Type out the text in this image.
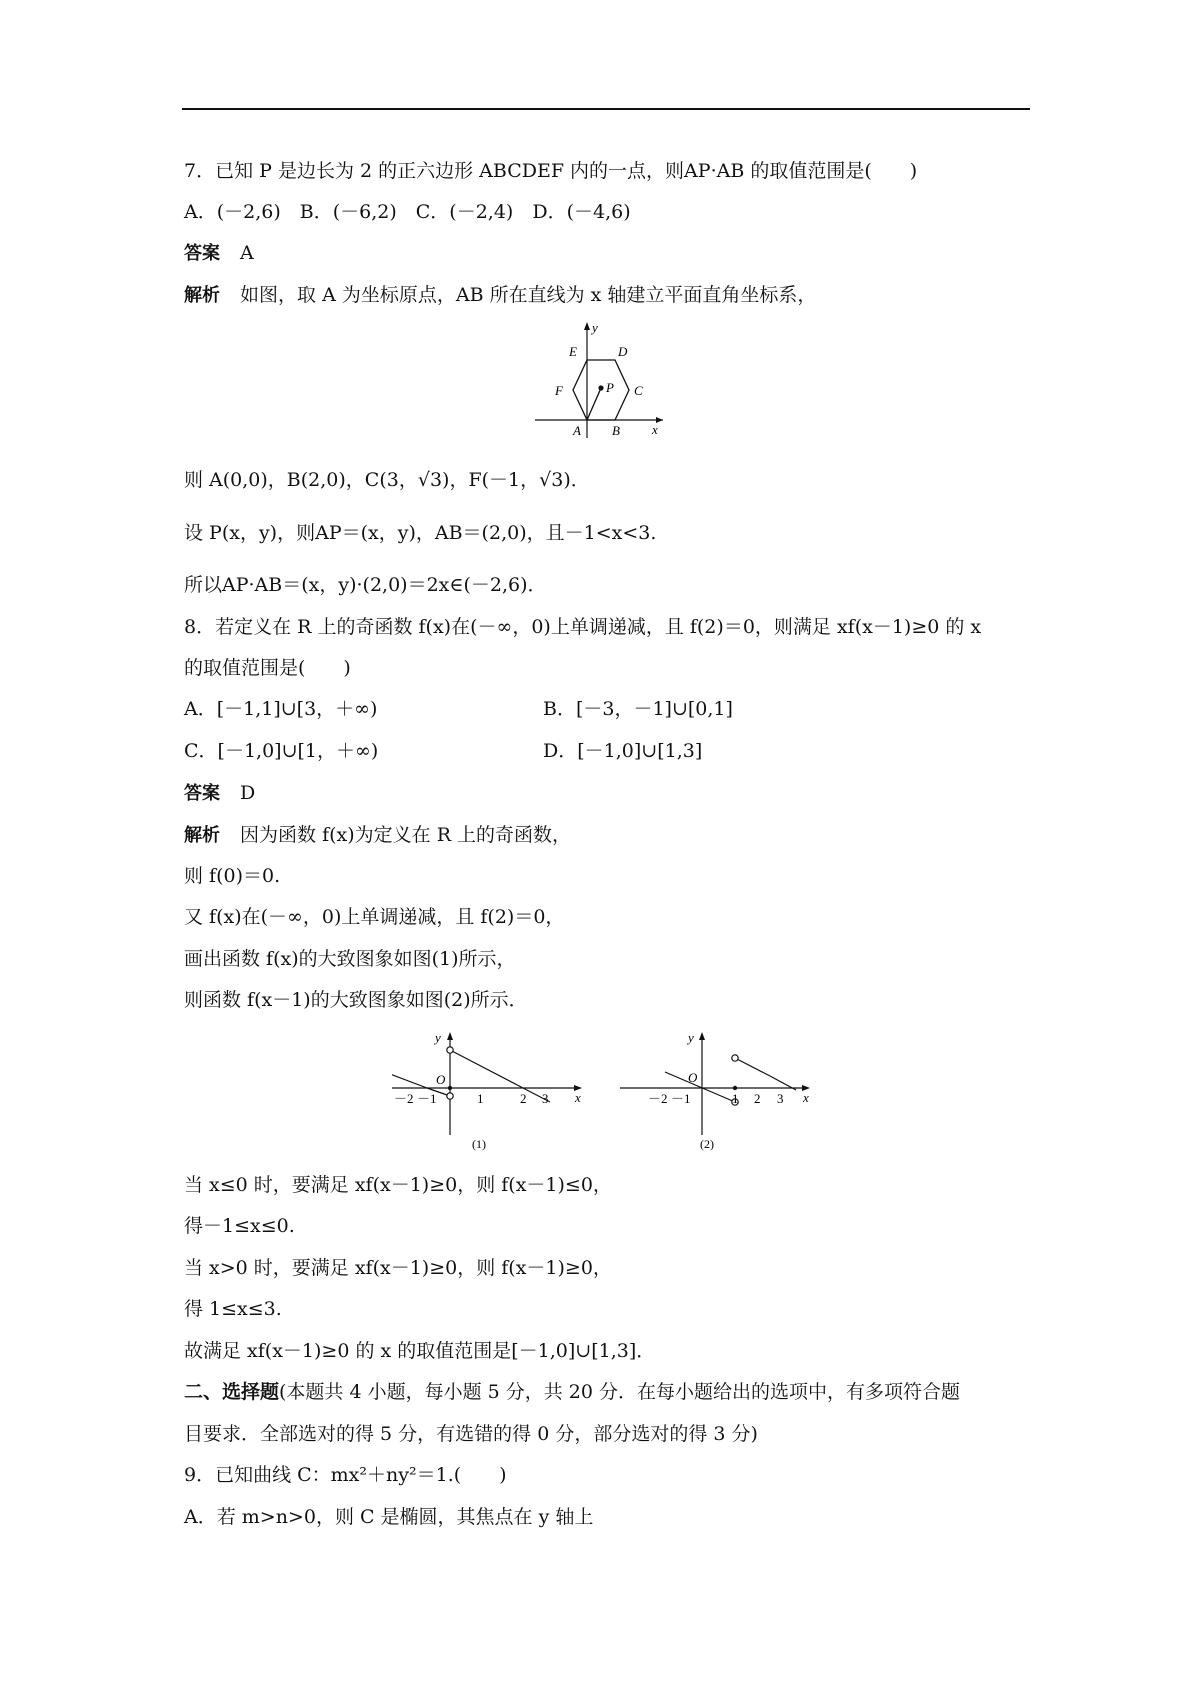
7．已知 P 是边长为 2 的正六边形 ABCDEF 内的一点，则AP·AB 的取值范围是(　　)
A．(－2,6)　B．(－6,2)　C．(－2,4)　D．(－4,6)
答案 A
解析 如图，取 A 为坐标原点，AB 所在直线为 x 轴建立平面直角坐标系，
y
x
E	D
F	C
A B
P
则 A(0,0)，B(2,0)，C(3，√3)，F(－1，√3)．
设 P(x，y)，则AP＝(x，y)，AB＝(2,0)，且－1<x<3.
所以AP·AB＝(x，y)·(2,0)＝2x∈(－2,6)．
8．若定义在 R 上的奇函数 f(x)在(－∞，0)上单调递减，且 f(2)＝0，则满足 xf(x－1)≥0 的 x
的取值范围是(　　)
A．[－1,1]∪[3，＋∞)	B．[－3，－1]∪[0,1]
C．[－1,0]∪[1，＋∞)	D．[－1,0]∪[1,3]
答案 D
解析 因为函数 f(x)为定义在 R 上的奇函数，
则 f(0)＝0.
又 f(x)在(－∞，0)上单调递减，且 f(2)＝0，
画出函数 f(x)的大致图象如图(1)所示，
则函数 f(x－1)的大致图象如图(2)所示．
y
x
O
－2 －1	1	2 3
(1)
y
x
O
－2 －1	1 2 3
(2)
当 x≤0 时，要满足 xf(x－1)≥0，则 f(x－1)≤0，
得－1≤x≤0.
当 x>0 时，要满足 xf(x－1)≥0，则 f(x－1)≥0，
得 1≤x≤3.
故满足 xf(x－1)≥0 的 x 的取值范围是[－1,0]∪[1,3]．
二、选择题(本题共 4 小题，每小题 5 分，共 20 分．在每小题给出的选项中，有多项符合题
目要求．全部选对的得 5 分，有选错的得 0 分，部分选对的得 3 分)
9．已知曲线 C：mx²＋ny²＝1.(　　)
A．若 m>n>0，则 C 是椭圆，其焦点在 y 轴上
